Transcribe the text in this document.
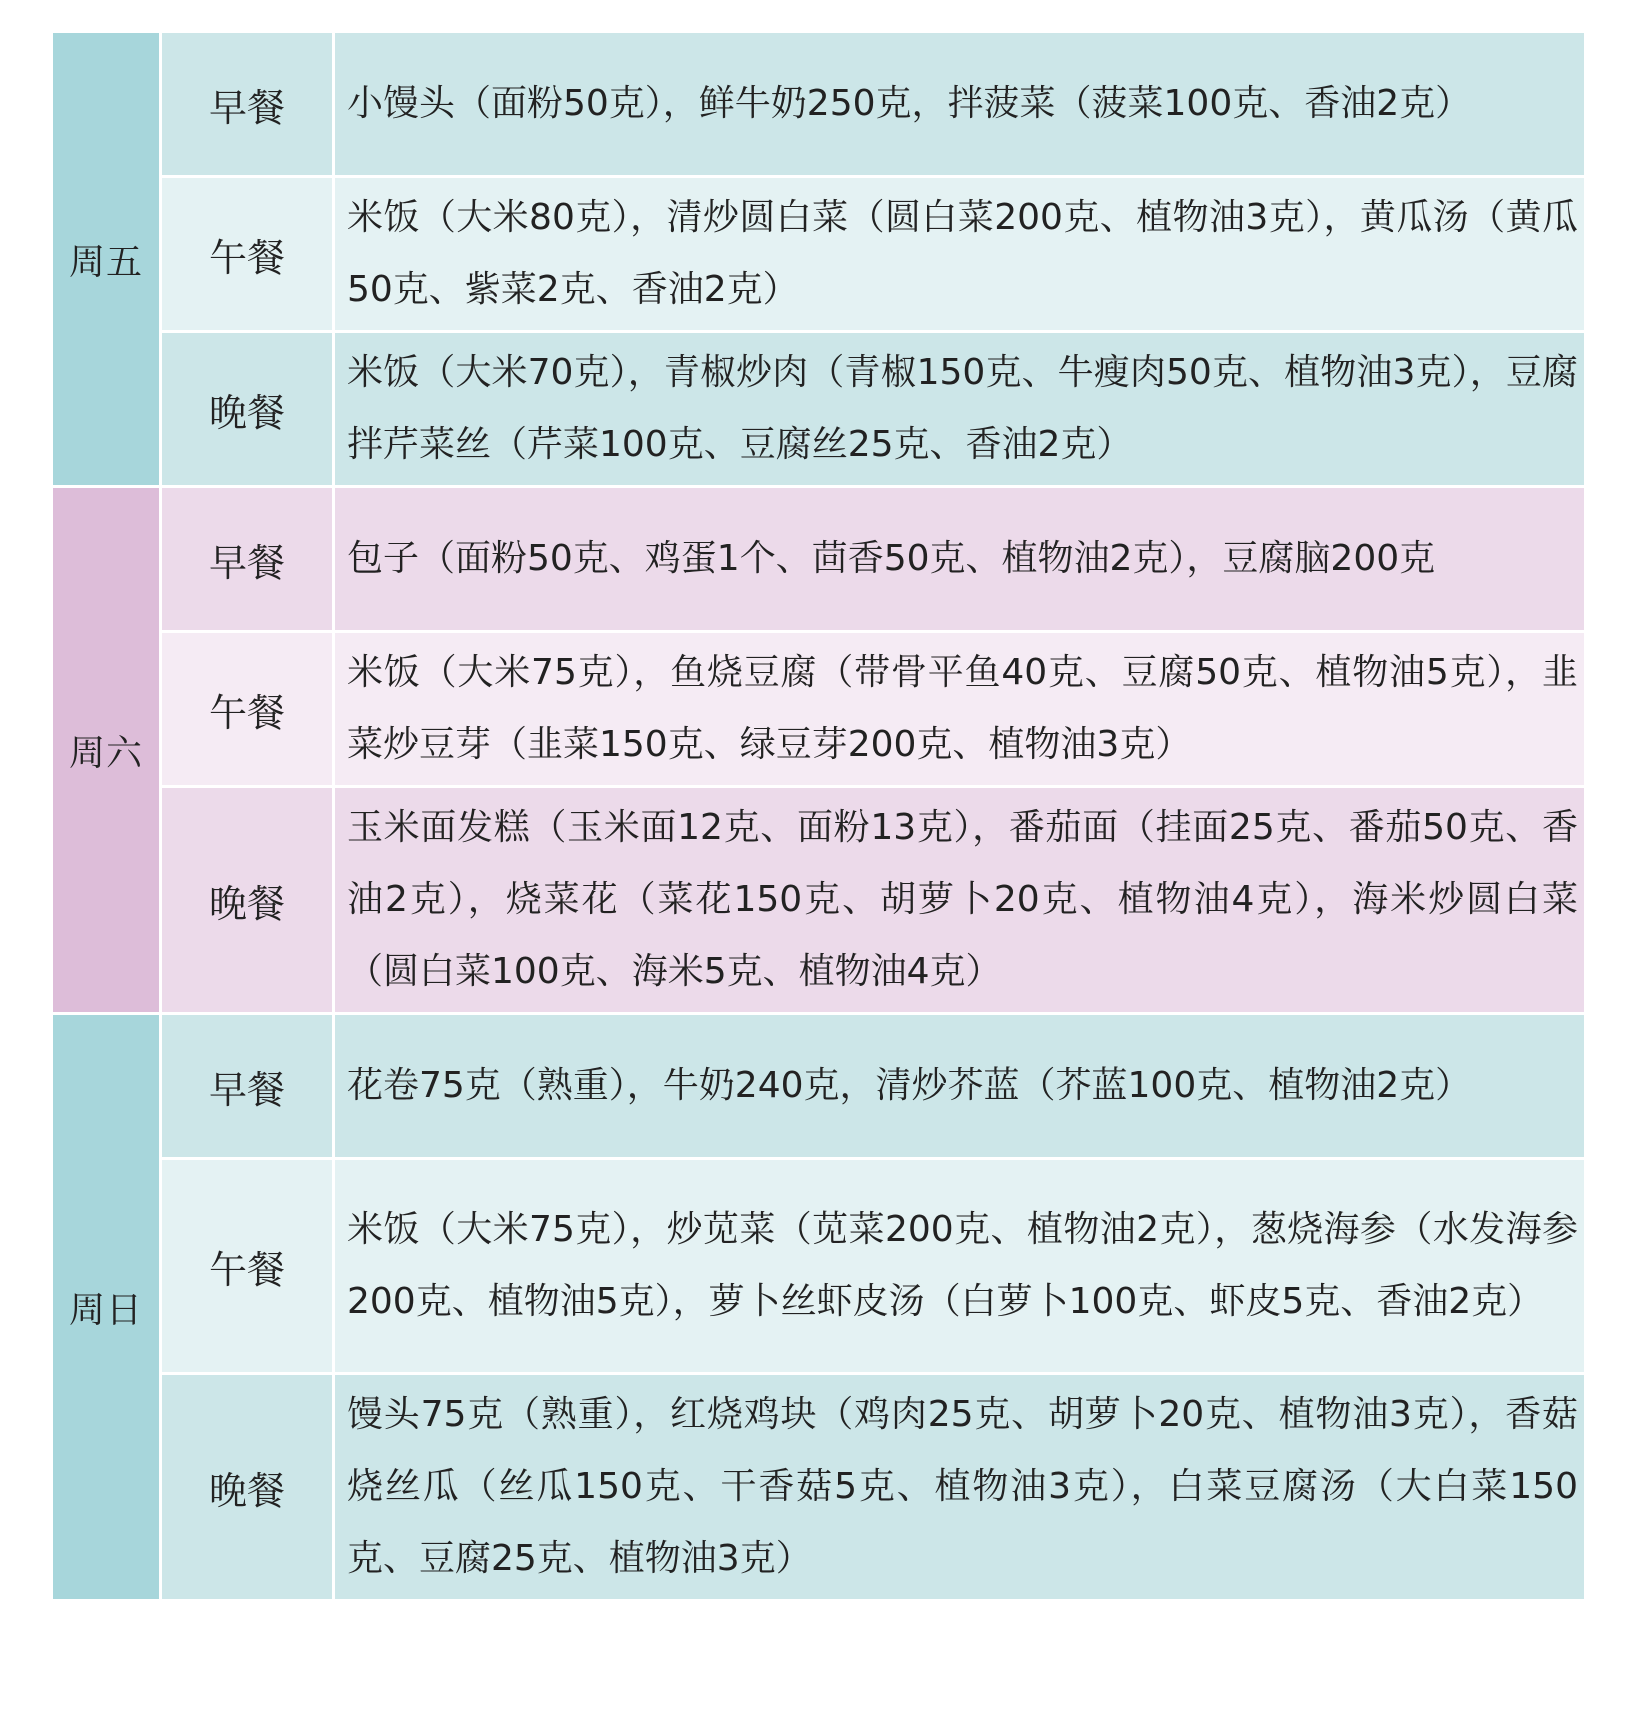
周五	早餐	小馒头（面粉50克），鲜牛奶250克，拌菠菜（菠菜100克、香油2克）
	午餐	米饭（大米80克），清炒圆白菜（圆白菜200克、植物油3克），黄瓜汤（黄瓜50克、紫菜2克、香油2克）
	晚餐	米饭（大米70克），青椒炒肉（青椒150克、牛瘦肉50克、植物油3克），豆腐拌芹菜丝（芹菜100克、豆腐丝25克、香油2克）
周六	早餐	包子（面粉50克、鸡蛋1个、茴香50克、植物油2克），豆腐脑200克
	午餐	米饭（大米75克），鱼烧豆腐（带骨平鱼40克、豆腐50克、植物油5克），韭菜炒豆芽（韭菜150克、绿豆芽200克、植物油3克）
	晚餐	玉米面发糕（玉米面12克、面粉13克），番茄面（挂面25克、番茄50克、香油2克），烧菜花（菜花150克、胡萝卜20克、植物油4克），海米炒圆白菜（圆白菜100克、海米5克、植物油4克）
周日	早餐	花卷75克（熟重），牛奶240克，清炒芥蓝（芥蓝100克、植物油2克）
	午餐	米饭（大米75克），炒苋菜（苋菜200克、植物油2克），葱烧海参（水发海参200克、植物油5克），萝卜丝虾皮汤（白萝卜100克、虾皮5克、香油2克）
	晚餐	馒头75克（熟重），红烧鸡块（鸡肉25克、胡萝卜20克、植物油3克），香菇烧丝瓜（丝瓜150克、干香菇5克、植物油3克），白菜豆腐汤（大白菜150克、豆腐25克、植物油3克）
